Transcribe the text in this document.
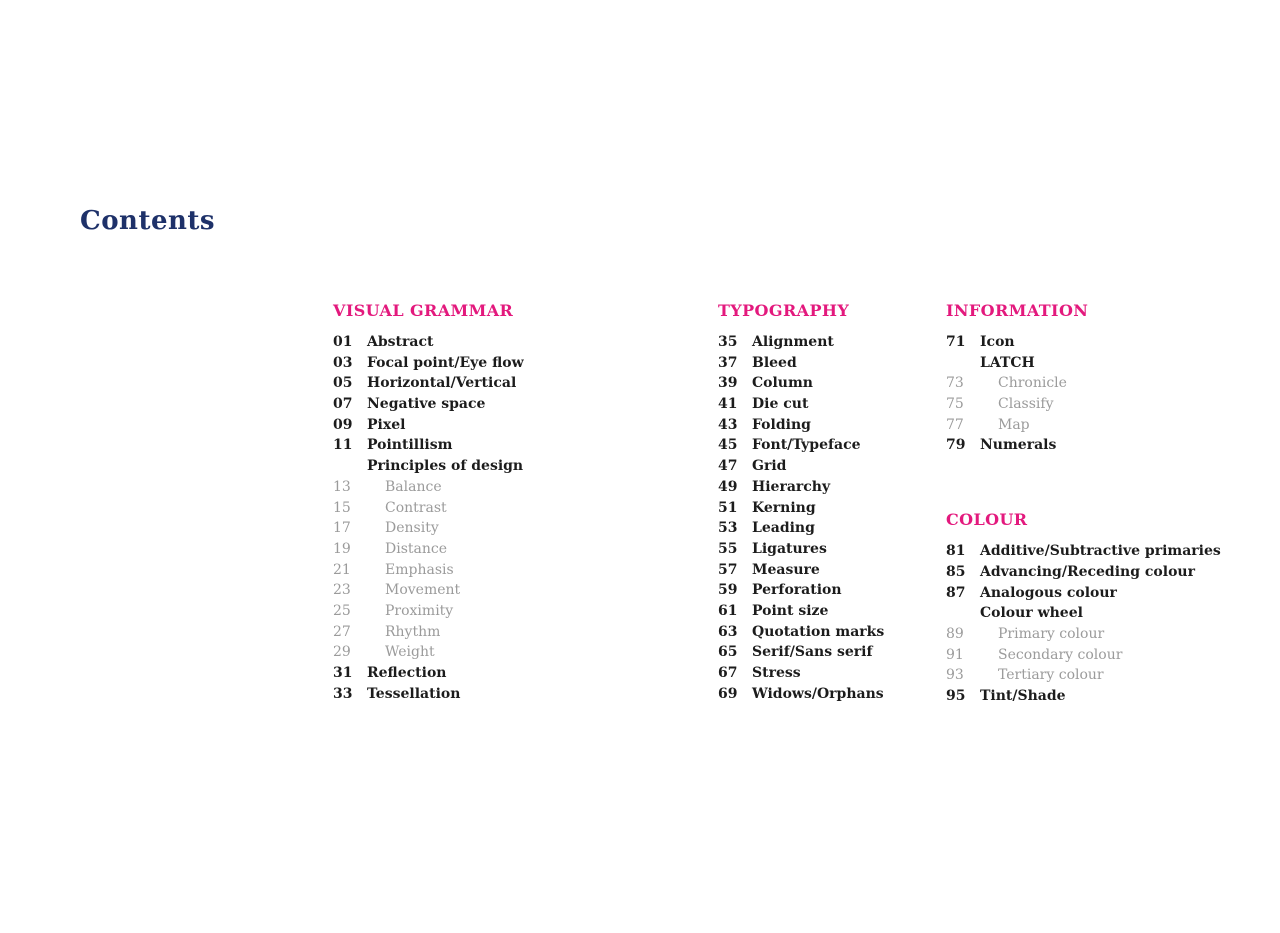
Contents
VISUAL GRAMMAR
01	Abstract
03	Focal point/Eye flow
05	Horizontal/Vertical
07	Negative space
09	Pixel
11	Pointillism
Principles of design
13	Balance
15	Contrast
17	Density
19	Distance
21	Emphasis
23	Movement
25	Proximity
27	Rhythm
29	Weight
31	Reflection
33	Tessellation
TYPOGRAPHY
35	Alignment
37	Bleed
39	Column
41	Die cut
43	Folding
45	Font/Typeface
47	Grid
49	Hierarchy
51	Kerning
53	Leading
55	Ligatures
57	Measure
59	Perforation
61	Point size
63	Quotation marks
65	Serif/Sans serif
67	Stress
69	Widows/Orphans
INFORMATION
71	Icon
LATCH
73	Chronicle
75	Classify
77	Map
79	Numerals
COLOUR
81	Additive/Subtractive primaries
85	Advancing/Receding colour
87	Analogous colour
Colour wheel
89	Primary colour
91	Secondary colour
93	Tertiary colour
95	Tint/Shade
